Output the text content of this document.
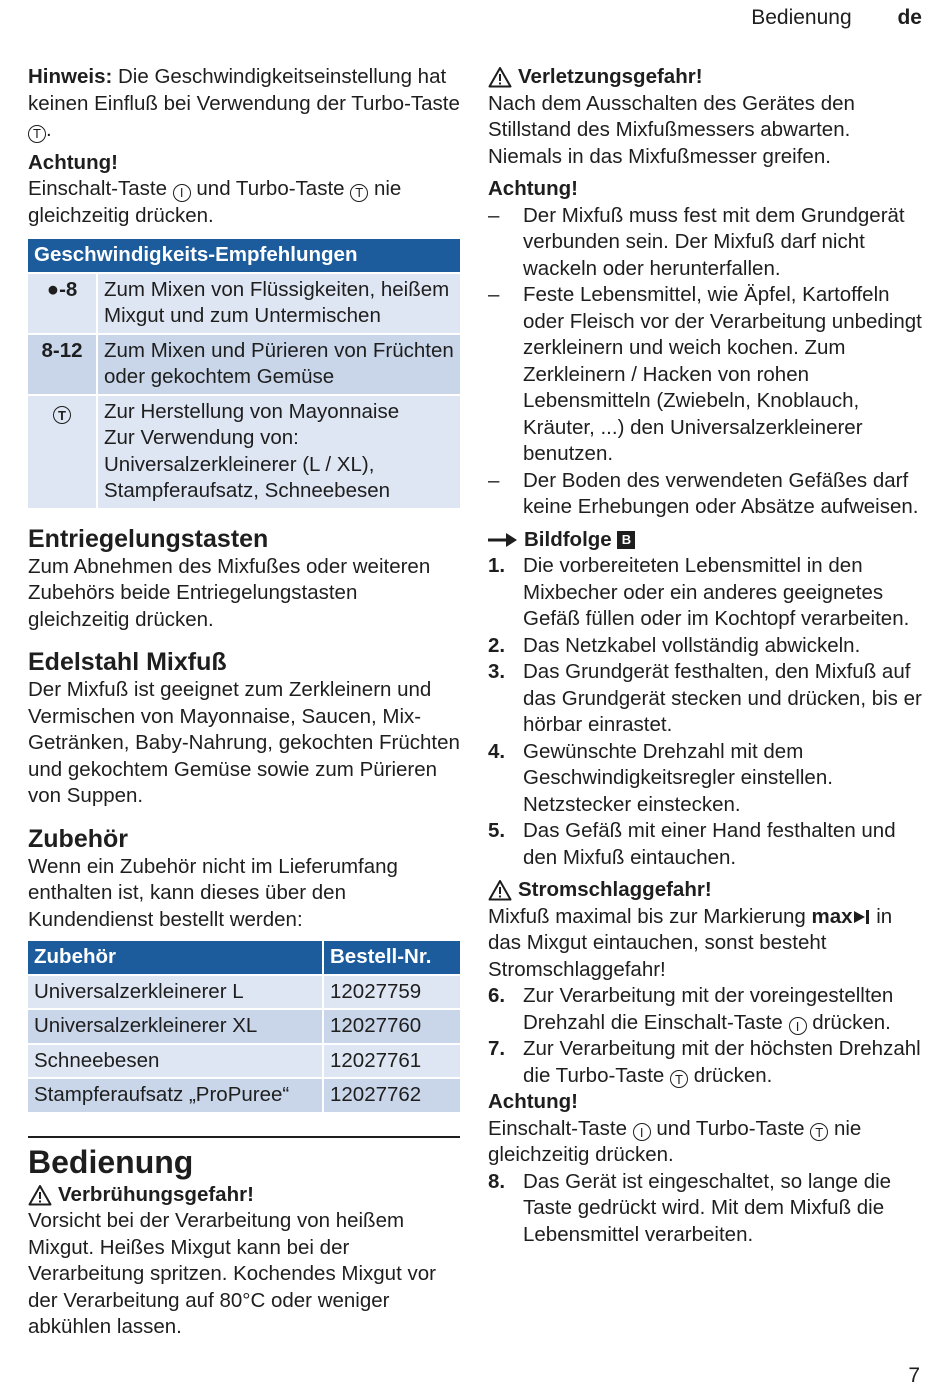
Bedienung de

Hinweis: Die Geschwindigkeitseinstellung hat keinen Einfluß bei Verwendung der Turbo-Taste T .

Achtung!

Einschalt-Taste I und Turbo-Taste T nie gleichzeitig drücken.

Geschwindigkeits-Empfehlungen	
●-8	Zum Mixen von Flüssigkeiten, heißem Mixgut und zum Untermischen
8-12	Zum Mixen und Pürieren von Früchten oder gekochtem Gemüse
T	Zur Herstellung von Mayonnaise
Zur Verwendung von: Universalzerkleinerer (L / XL), Stampferaufsatz, Schneebesen
Entriegelungstasten

Zum Abnehmen des Mixfußes oder weiteren Zubehörs beide Entriegelungstasten gleichzeitig drücken.

Edelstahl Mixfuß

Der Mixfuß ist geeignet zum Zerkleinern und Vermischen von Mayonnaise, Saucen, Mix-Getränken, Baby-Nahrung, gekochten Früchten und gekochtem Gemüse sowie zum Pürieren von Suppen.

Zubehör

Wenn ein Zubehör nicht im Lieferumfang enthalten ist, kann dieses über den Kundendienst bestellt werden:

Zubehör	Bestell-Nr.
Universalzerkleinerer L	12027759
Universalzerkleinerer XL	12027760
Schneebesen	12027761
Stampferaufsatz „ProPuree“	12027762
Bedienung
Verbrühungsgefahr!

Vorsicht bei der Verarbeitung von heißem Mixgut. Heißes Mixgut kann bei der Verarbeitung spritzen. Kochendes Mixgut vor der Verarbeitung auf 80°C oder weniger abkühlen lassen.

Verletzungsgefahr!

Nach dem Ausschalten des Gerätes den Stillstand des Mixfußmessers abwarten. Niemals in das Mixfußmesser greifen.

Achtung!

–	Der Mixfuß muss fest mit dem Grundgerät verbunden sein. Der Mixfuß darf nicht wackeln oder herunterfallen.
–	Feste Lebensmittel, wie Äpfel, Kartoffeln oder Fleisch vor der Verarbeitung unbedingt zerkleinern und weich kochen. Zum Zerkleinern / Hacken von rohen Lebensmitteln (Zwiebeln, Knoblauch, Kräuter, ...) den Universalzerkleinerer benutzen.
–	Der Boden des verwendeten Gefäßes darf keine Erhebungen oder Absätze aufweisen.
Bildfolge
B
1. Die vorbereiteten Lebensmittel in den Mixbecher oder ein anderes geeignetes Gefäß füllen oder im Kochtopf verarbeiten.
2. Das Netzkabel vollständig abwickeln.
3. Das Grundgerät festhalten, den Mixfuß auf das Grundgerät stecken und drücken, bis er hörbar einrastet.
4. Gewünschte Drehzahl mit dem Geschwindigkeitsregler einstellen. Netzstecker einstecken.
5. Das Gefäß mit einer Hand festhalten und den Mixfuß eintauchen.
Stromschlaggefahr!

Mixfuß maximal bis zur Markierung max in das Mixgut eintauchen, sonst besteht Stromschlaggefahr!

6. Zur Verarbeitung mit der voreingestellten Drehzahl die Einschalt-Taste I drücken.
7. Zur Verarbeitung mit der höchsten Drehzahl die Turbo-Taste T drücken.

Achtung!

Einschalt-Taste I und Turbo-Taste T nie gleichzeitig drücken.

8. Das Gerät ist eingeschaltet, so lange die Taste gedrückt wird. Mit dem Mixfuß die Lebensmittel verarbeiten.
7
